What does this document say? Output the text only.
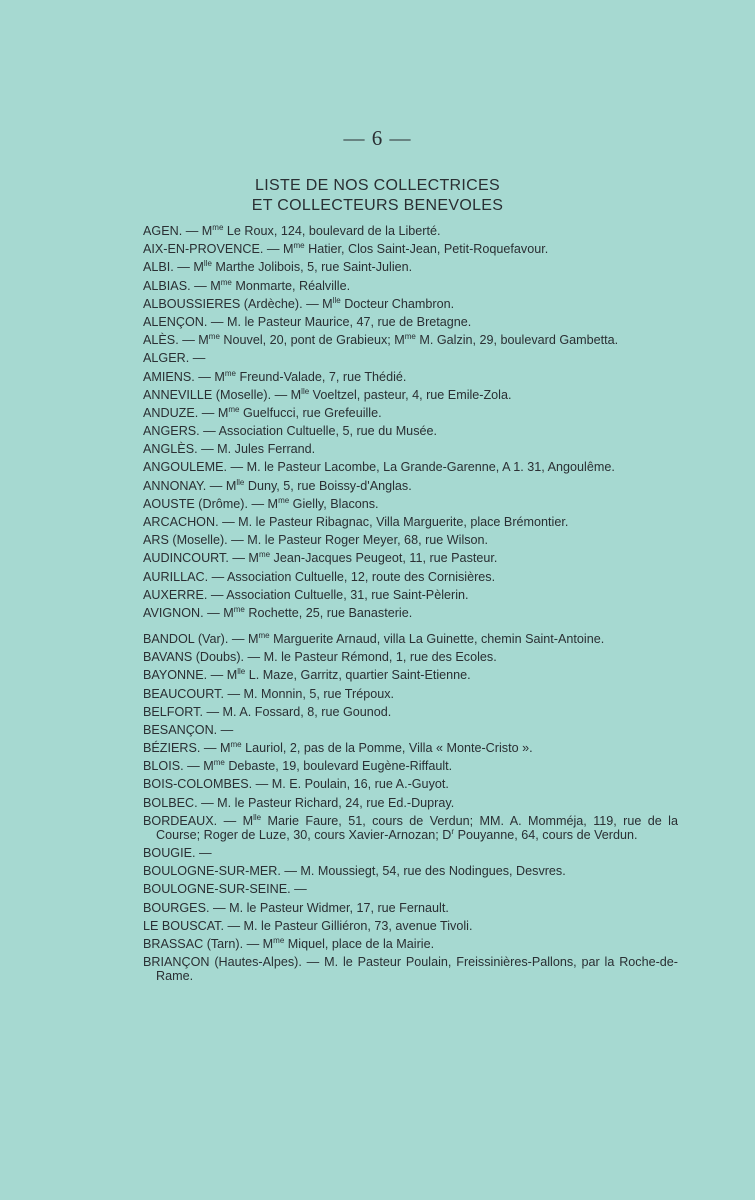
— 6 —
LISTE DE NOS COLLECTRICES
ET COLLECTEURS BENEVOLES
AGEN. — $M^{me}$ Le Roux, 124, boulevard de la Liberté.
AIX-EN-PROVENCE. — $M^{me}$ Hatier, Clos Saint-Jean, Petit-Roquefavour.
ALBI. — $M^{lle}$ Marthe Jolibois, 5, rue Saint-Julien.
ALBIAS. — $M^{me}$ Monmarte, Réalville.
ALBOUSSIERES (Ardèche). — $M^{lle}$ Docteur Chambron.
ALENÇON. — M. le Pasteur Maurice, 47, rue de Bretagne.
ALÈS. — $M^{me}$ Nouvel, 20, pont de Grabieux; $M^{me}$ M. Galzin, 29, boulevard Gambetta.
ALGER. —
AMIENS. — $M^{me}$ Freund-Valade, 7, rue Thédié.
ANNEVILLE (Moselle). — $M^{lle}$ Voeltzel, pasteur, 4, rue Emile-Zola.
ANDUZE. — $M^{me}$ Guelfucci, rue Grefeuille.
ANGERS. — Association Cultuelle, 5, rue du Musée.
ANGLÈS. — M. Jules Ferrand.
ANGOULEME. — M. le Pasteur Lacombe, La Grande-Garenne, A 1. 31, Angoulême.
ANNONAY. — $M^{lle}$ Duny, 5, rue Boissy-d'Anglas.
AOUSTE (Drôme). — $M^{me}$ Gielly, Blacons.
ARCACHON. — M. le Pasteur Ribagnac, Villa Marguerite, place Brémontier.
ARS (Moselle). — M. le Pasteur Roger Meyer, 68, rue Wilson.
AUDINCOURT. — $M^{me}$ Jean-Jacques Peugeot, 11, rue Pasteur.
AURILLAC. — Association Cultuelle, 12, route des Cornisières.
AUXERRE. — Association Cultuelle, 31, rue Saint-Pèlerin.
AVIGNON. — $M^{me}$ Rochette, 25, rue Banasterie.
BANDOL (Var). — $M^{me}$ Marguerite Arnaud, villa La Guinette, chemin Saint-Antoine.
BAVANS (Doubs). — M. le Pasteur Rémond, 1, rue des Ecoles.
BAYONNE. — $M^{lle}$ L. Maze, Garritz, quartier Saint-Etienne.
BEAUCOURT. — M. Monnin, 5, rue Trépoux.
BELFORT. — M. A. Fossard, 8, rue Gounod.
BESANÇON. —
BÉZIERS. — $M^{me}$ Lauriol, 2, pas de la Pomme, Villa « Monte-Cristo ».
BLOIS. — $M^{me}$ Debaste, 19, boulevard Eugène-Riffault.
BOIS-COLOMBES. — M. E. Poulain, 16, rue A.-Guyot.
BOLBEC. — M. le Pasteur Richard, 24, rue Ed.-Dupray.
BORDEAUX. — $M^{lle}$ Marie Faure, 51, cours de Verdun; MM. A. Momméja, 119, rue de la Course; Roger de Luze, 30, cours Xavier-Arnozan; $D^r$ Pouyanne, 64, cours de Verdun.
BOUGIE. —
BOULOGNE-SUR-MER. — M. Moussiegt, 54, rue des Nodingues, Desvres.
BOULOGNE-SUR-SEINE. —
BOURGES. — M. le Pasteur Widmer, 17, rue Fernault.
LE BOUSCAT. — M. le Pasteur Gilliéron, 73, avenue Tivoli.
BRASSAC (Tarn). — $M^{me}$ Miquel, place de la Mairie.
BRIANÇON (Hautes-Alpes). — M. le Pasteur Poulain, Freissinières-Pallons, par la Roche-de-Rame.
